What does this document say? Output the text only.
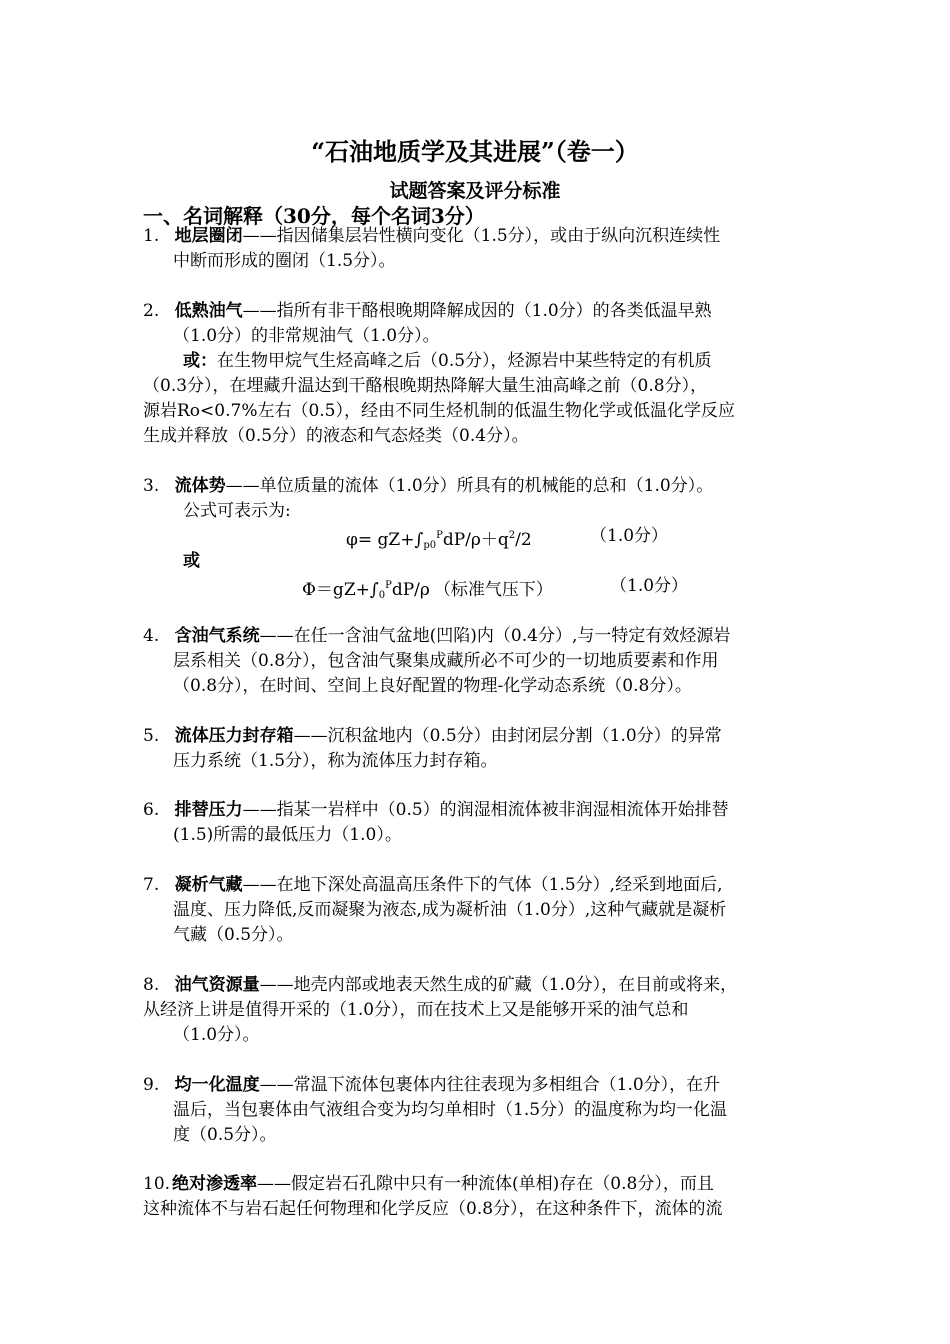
“石油地质学及其进展”（卷一）
试题答案及评分标准
一、名词解释（30分，每个名词3分）
1. 地层圈闭——指因储集层岩性横向变化（1.5分），或由于纵向沉积连续性
中断而形成的圈闭（1.5分）。
2. 低熟油气——指所有非干酪根晚期降解成因的（1.0分）的各类低温早熟
（1.0分）的非常规油气（1.0分）。
或：在生物甲烷气生烃高峰之后（0.5分），烃源岩中某些特定的有机质
（0.3分），在埋藏升温达到干酪根晚期热降解大量生油高峰之前（0.8分），
源岩Ro<0.7%左右（0.5），经由不同生烃机制的低温生物化学或低温化学反应
生成并释放（0.5分）的液态和气态烃类（0.4分）。
3. 流体势——单位质量的流体（1.0分）所具有的机械能的总和（1.0分）。
公式可表示为:
$\varphi= gZ+\int_{p0}^PdP/\rho+q^2/2$	（1.0分）
或
$\Phi=gZ+\int_0^PdP/\rho$ （标准气压下）	（1.0分）
4. 含油气系统——在任一含油气盆地(凹陷)内（0.4分）,与一特定有效烃源岩
层系相关（0.8分），包含油气聚集成藏所必不可少的一切地质要素和作用
（0.8分），在时间、空间上良好配置的物理-化学动态系统（0.8分）。
5. 流体压力封存箱——沉积盆地内（0.5分）由封闭层分割（1.0分）的异常
压力系统（1.5分），称为流体压力封存箱。
6. 排替压力——指某一岩样中（0.5）的润湿相流体被非润湿相流体开始排替
(1.5)所需的最低压力（1.0）。
7. 凝析气藏——在地下深处高温高压条件下的气体（1.5分）,经采到地面后,
温度、压力降低,反而凝聚为液态,成为凝析油（1.0分）,这种气藏就是凝析
气藏（0.5分）。
8. 油气资源量——地壳内部或地表天然生成的矿藏（1.0分），在目前或将来，
从经济上讲是值得开采的（1.0分），而在技术上又是能够开采的油气总和
（1.0分）。
9. 均一化温度——常温下流体包裹体内往往表现为多相组合（1.0分），在升
温后，当包裹体由气液组合变为均匀单相时（1.5分）的温度称为均一化温
度（0.5分）。
10. 绝对渗透率——假定岩石孔隙中只有一种流体(单相)存在（0.8分），而且
这种流体不与岩石起任何物理和化学反应（0.8分），在这种条件下，流体的流
